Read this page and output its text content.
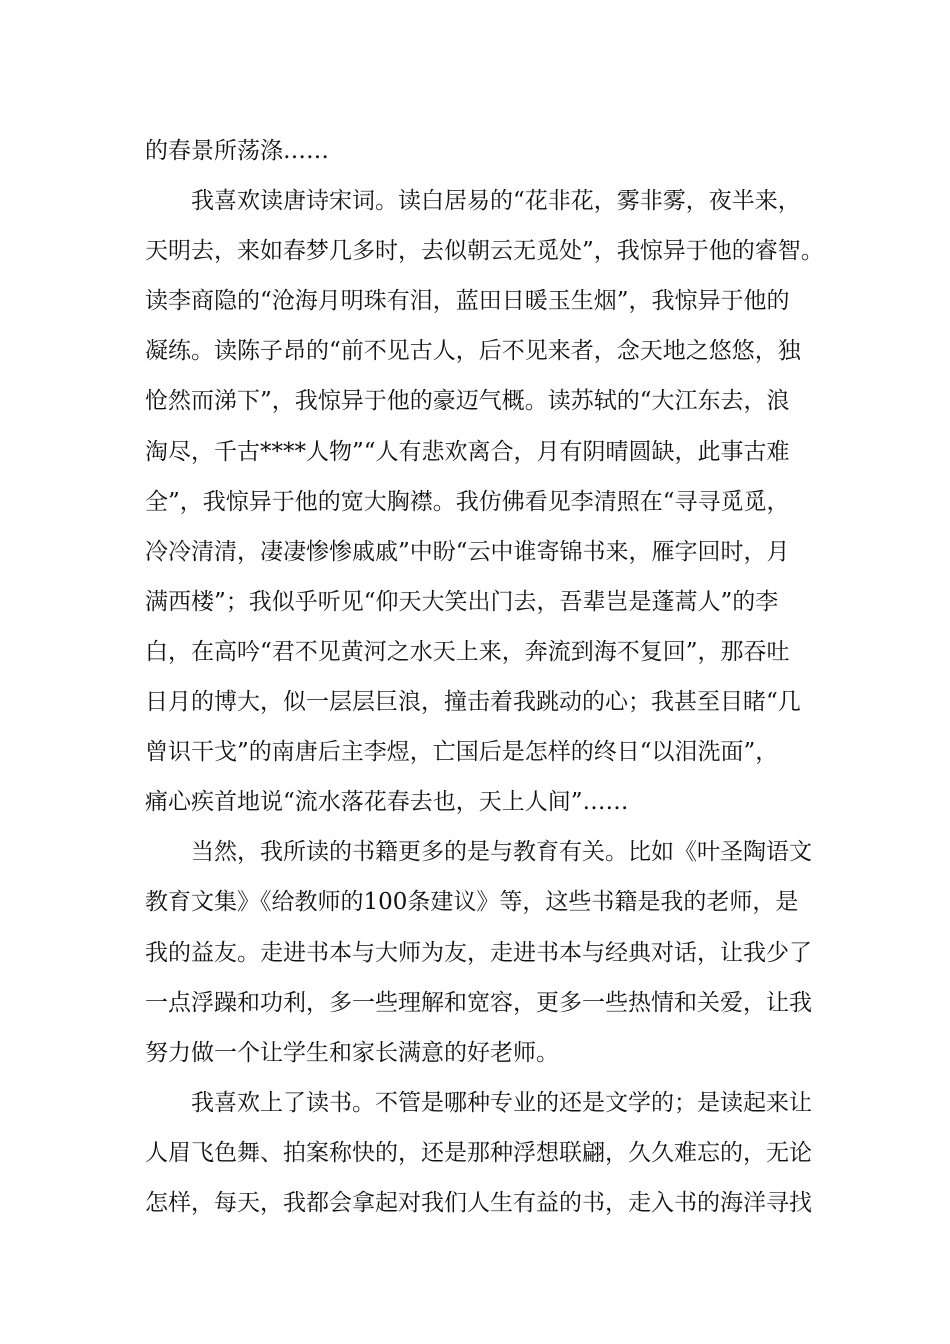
的春景所荡涤……
我喜欢读唐诗宋词。读白居易的“花非花，雾非雾，夜半来，
天明去，来如春梦几多时，去似朝云无觅处”，我惊异于他的睿智。
读李商隐的“沧海月明珠有泪，蓝田日暖玉生烟”，我惊异于他的
凝练。读陈子昂的“前不见古人，后不见来者，念天地之悠悠，独
怆然而涕下”，我惊异于他的豪迈气概。读苏轼的“大江东去，浪
淘尽，千古****人物”“人有悲欢离合，月有阴晴圆缺，此事古难
全”，我惊异于他的宽大胸襟。我仿佛看见李清照在“寻寻觅觅，
冷冷清清，凄凄惨惨戚戚”中盼“云中谁寄锦书来，雁字回时，月
满西楼”；我似乎听见“仰天大笑出门去，吾辈岂是蓬蒿人”的李
白，在高吟“君不见黄河之水天上来，奔流到海不复回”，那吞吐
日月的博大，似一层层巨浪，撞击着我跳动的心；我甚至目睹“几
曾识干戈”的南唐后主李煜，亡国后是怎样的终日“以泪洗面”，
痛心疾首地说“流水落花春去也，天上人间”……
当然，我所读的书籍更多的是与教育有关。比如《叶圣陶语文
教育文集》《给教师的100条建议》等，这些书籍是我的老师，是
我的益友。走进书本与大师为友，走进书本与经典对话，让我少了
一点浮躁和功利，多一些理解和宽容，更多一些热情和关爱，让我
努力做一个让学生和家长满意的好老师。
我喜欢上了读书。不管是哪种专业的还是文学的；是读起来让
人眉飞色舞、拍案称快的，还是那种浮想联翩，久久难忘的，无论
怎样，每天，我都会拿起对我们人生有益的书，走入书的海洋寻找
